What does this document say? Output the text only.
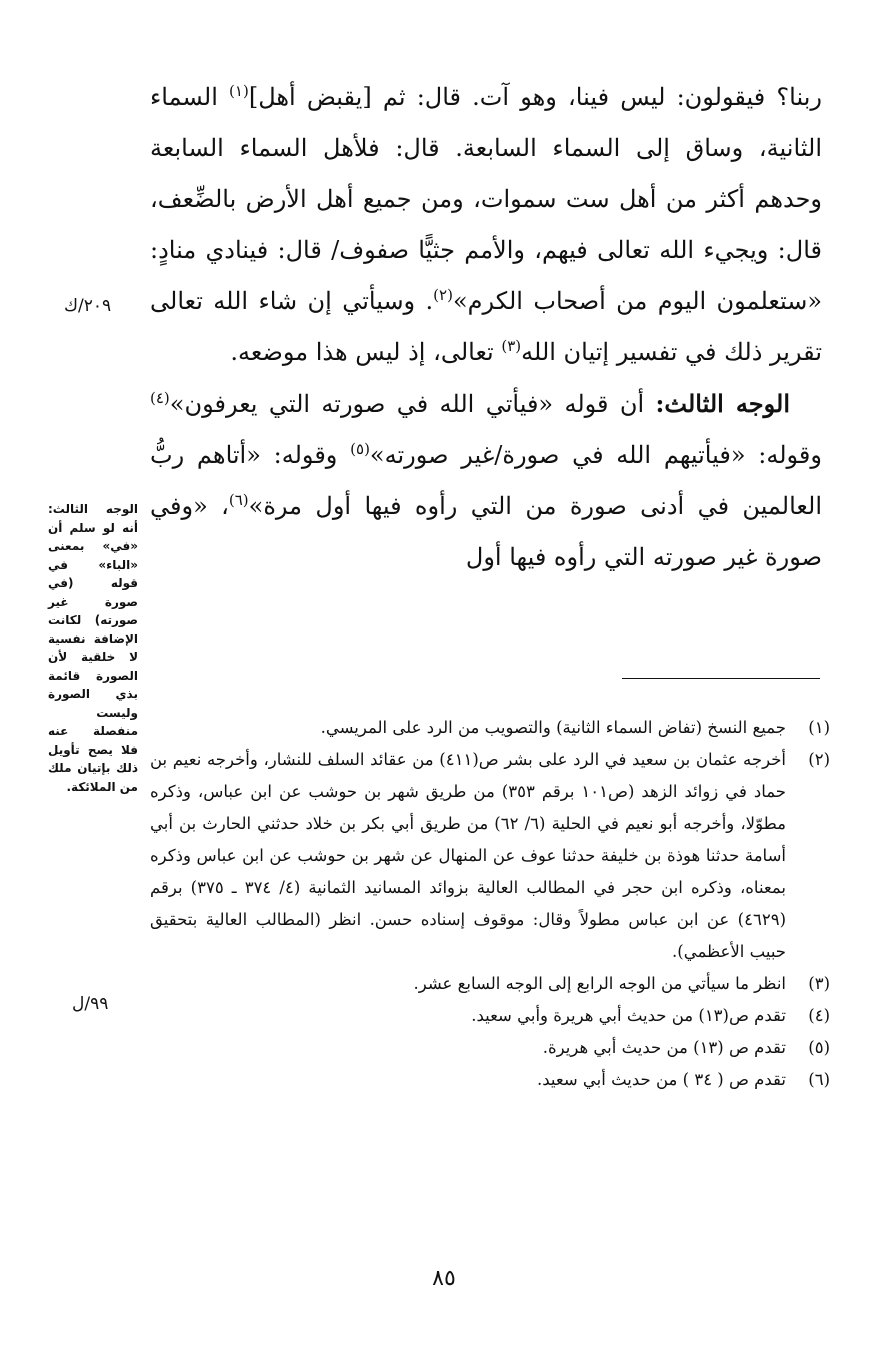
ربنا؟ فيقولون: ليس فينا، وهو آت. قال: ثم [يقبض أهل]$^{(١)}$ السماء الثانية، وساق إلى السماء السابعة. قال: فلأهل السماء السابعة وحدهم أكثر من أهل ست سموات، ومن جميع أهل الأرض بالضِّعف، قال: ويجيء الله تعالى فيهم، والأمم جثيًّا صفوف/ قال: فينادي منادٍ: «ستعلمون اليوم من أصحاب الكرم»$^{(٢)}$. وسيأتي إن شاء الله تعالى تقرير ذلك في تفسير إتيان الله$^{(٣)}$ تعالى، إذ ليس هذا موضعه.

الوجه الثالث: أن قوله «فيأتي الله في صورته التي يعرفون»$^{(٤)}$ وقوله: «فيأتيهم الله في صورة/غير صورته»$^{(٥)}$ وقوله: «أتاهم ربُّ العالمين في أدنى صورة من التي رأوه فيها أول مرة»$^{(٦)}$، «وفي صورة غير صورته التي رأوه فيها أول

٢٠٩/ك
٩٩/ل
الوجه الثالث: أنه لو سلم أن «في» بمعنى «الباء» في قوله (في صورة غير صورته) لكانت الإضافة نفسية لا خلقية لأن الصورة قائمة بذي الصورة وليست منفصلة عنه فلا يصح تأويل ذلك بإتيان ملك من الملائكة.
(١)
جميع النسخ (تفاض السماء الثانية) والتصويب من الرد على المريسي.
(٢)
أخرجه عثمان بن سعيد في الرد على بشر ص(٤١١) من عقائد السلف للنشار، وأخرجه نعيم بن حماد في زوائد الزهد (ص١٠١ برقم ٣٥٣) من طريق شهر بن حوشب عن ابن عباس، وذكره مطوّلا، وأخرجه أبو نعيم في الحلية (٦/ ٦٢) من طريق أبي بكر بن خلاد حدثني الحارث بن أبي أسامة حدثنا هوذة بن خليفة حدثنا عوف عن المنهال عن شهر بن حوشب عن ابن عباس وذكره بمعناه، وذكره ابن حجر في المطالب العالية بزوائد المسانيد الثمانية (٤/ ٣٧٤ ـ ٣٧٥) برقم (٤٦٢٩) عن ابن عباس مطولاً وقال: موقوف إسناده حسن. انظر (المطالب العالية بتحقيق حبيب الأعظمي).
(٣)
انظر ما سيأتي من الوجه الرابع إلى الوجه السابع عشر.
(٤)
تقدم ص(١٣) من حديث أبي هريرة وأبي سعيد.
(٥)
تقدم ص (١٣) من حديث أبي هريرة.
(٦)
تقدم ص ( ٣٤ ) من حديث أبي سعيد.
٨٥
